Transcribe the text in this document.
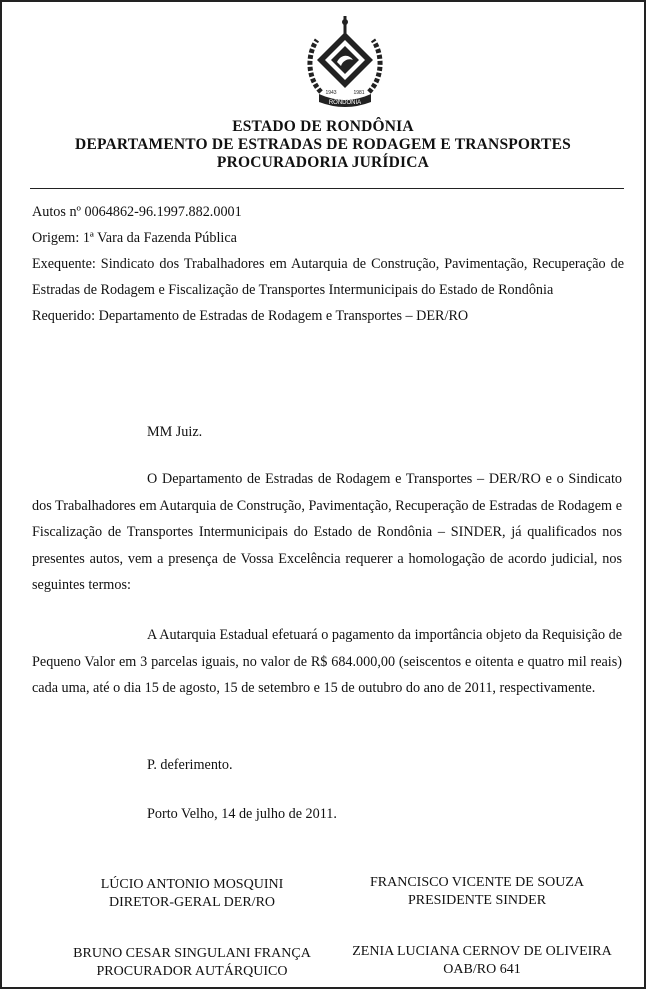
RONDÔNIA
1943	1981
ESTADO DE RONDÔNIA
DEPARTAMENTO DE ESTRADAS DE RODAGEM E TRANSPORTES
PROCURADORIA JURÍDICA
Autos nº 0064862-96.1997.882.0001
Origem: 1ª Vara da Fazenda Pública
Exequente: Sindicato dos Trabalhadores em Autarquia de Construção, Pavimentação, Recuperação de Estradas de Rodagem e Fiscalização de Transportes Intermunicipais do Estado de Rondônia
Requerido: Departamento de Estradas de Rodagem e Transportes – DER/RO
MM Juiz.
O Departamento de Estradas de Rodagem e Transportes – DER/RO e o Sindicato dos Trabalhadores em Autarquia de Construção, Pavimentação, Recuperação de Estradas de Rodagem e Fiscalização de Transportes Intermunicipais do Estado de Rondônia – SINDER, já qualificados nos presentes autos, vem a presença de Vossa Excelência requerer a homologação de acordo judicial, nos seguintes termos:
A Autarquia Estadual efetuará o pagamento da importância objeto da Requisição de Pequeno Valor em 3 parcelas iguais, no valor de R$ 684.000,00 (seiscentos e oitenta e quatro mil reais) cada uma, até o dia 15 de agosto, 15 de setembro e 15 de outubro do ano de 2011, respectivamente.
P. deferimento.
Porto Velho, 14 de julho de 2011.
LÚCIO ANTONIO MOSQUINI
DIRETOR-GERAL DER/RO
FRANCISCO VICENTE DE SOUZA
PRESIDENTE SINDER
BRUNO CESAR SINGULANI FRANÇA
PROCURADOR AUTÁRQUICO
ZENIA LUCIANA CERNOV DE OLIVEIRA
OAB/RO 641
